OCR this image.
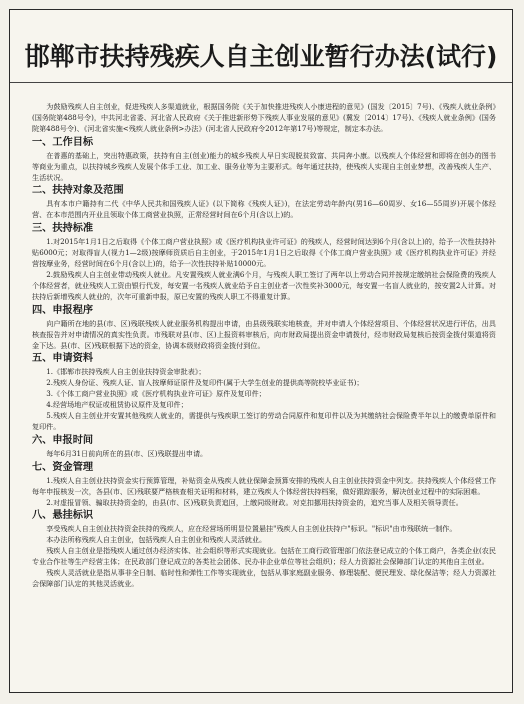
邯郸市扶持残疾人自主创业暂行办法(试行)

为鼓励残疾人自主创业，促进残疾人多渠道就业，根据国务院《关于加快推进残疾人小康进程的意见》(国发〔2015〕7号)、《残疾人就业条例》(国务院第488号令)，中共河北省委、河北省人民政府《关于推进新形势下残疾人事业发展的意见》(冀发〔2014〕17号)、《残疾人就业条例》(国务院第488号令)、《河北省实施<残疾人就业条例>办法》(河北省人民政府令2012年第17号)等规定，制定本办法。

一、工作目标

在普惠的基础上，突出特惠政策，扶持有自主(创业)能力的城乡残疾人早日实现脱贫致富、共同奔小康。以残疾人个体经营和即将在创办的图书等商业为重点，以扶持城乡残疾人发展个体手工业、加工业、服务业等为主要形式。每年通过扶持，使残疾人实现自主创业梦想，改善残疾人生产、生活状况。

二、扶持对象及范围

具有本市户籍持有二代《中华人民共和国残疾人证》(以下简称《残疾人证》)，在法定劳动年龄内(男16—60周岁、女16—55周岁)开展个体经营、在本市范围内开业且领取个体工商营业执照，正常经营时间在6个月(含以上)的。

三、扶持标准

1.对2015年1月1日之后取得《个体工商户营业执照》或《医疗机构执业许可证》的残疾人，经营时间达到6个月(含以上)的，给予一次性扶持补贴6000元；对取得盲人(视力1—2级)按摩师资质后自主创业，于2015年1月1日之后取得《个体工商户营业执照》或《医疗机构执业许可证》并经营按摩业务，经营时间在6个月(含以上)的，给予一次性扶持补贴10000元。

2.鼓励残疾人自主创业带动残疾人就业。凡安置残疾人就业满6个月，与残疾人职工签订了两年以上劳动合同并按规定缴纳社会保险费的残疾人个体经营者，就业残疾人工资由银行代发，每安置一名残疾人就业给予自主创业者一次性奖补3000元，每安置一名盲人就业的，按安置2人计算。对扶持后新增残疾人就业的，次年可重新申报，原已安置的残疾人职工不得重复计算。

四、申报程序

向户籍所在地的县(市、区)残联残疾人就业服务机构提出申请，由县级残联实地核查，并对申请人个体经营项目、个体经营状况进行评估，出具核查报告并对申请情况的真实性负责。市残联对县(市、区)上报资料审核后，向市财政局提出资金申请拨付，经市财政局复核后按资金拨付渠道将资金下达。县(市、区)残联根据下达的资金，协调本级财政将资金拨付到位。

五、申请资料

1.《邯郸市扶持残疾人自主创业扶持资金审批表》；

2.残疾人身份证、残疾人证、盲人按摩师证原件及复印件(属于大学生创业的提供高等院校毕业证书)；

3.《个体工商户营业执照》或《医疗机构执业许可证》原件及复印件；

4.经营场地产权证或租赁协议原件及复印件；

5.残疾人自主创业并安置其他残疾人就业的，需提供与残疾职工签订的劳动合同原件和复印件以及为其缴纳社会保险费半年以上的缴费单原件和复印件。

六、申报时间

每年6月31日前向所在的县(市、区)残联提出申请。

七、资金管理

1.残疾人自主创业扶持资金实行预算管理，补贴资金从残疾人就业保障金预算安排的残疾人自主创业扶持资金中列支。扶持残疾人个体经营工作每年申报核发一次，各县(市、区)残联要严格核查相关证明和材料，建立残疾人个体经营扶持档案，做好跟踪服务，解决创业过程中的实际困难。

2.对虚报冒领、骗取扶持资金的，由县(市、区)残联负责追回，上缴同级财政。对克扣挪用扶持资金的，追究当事人及相关领导责任。

八、悬挂标识

享受残疾人自主创业扶持资金扶持的残疾人，应在经营场所明显位置悬挂"残疾人自主创业扶持户"标识。"标识"由市残联统一制作。

本办法所称残疾人自主创业，包括残疾人自主创业和残疾人灵活就业。

残疾人自主创业是指残疾人通过创办经济实体、社会组织等形式实现就业。包括在工商行政管理部门依法登记成立的个体工商户，各类企业(农民专业合作社等生产经营主体；在民政部门登记成立的各类社会团体、民办非企业单位等社会组织)；经人力资源社会保障部门认定的其他自主创业。

残疾人灵活就业是指从事非全日制、临时性和弹性工作等实现就业，包括从事家庭副业服务、修理装配、便民理发、绿化保洁等；经人力资源社会保障部门认定的其他灵活就业。
